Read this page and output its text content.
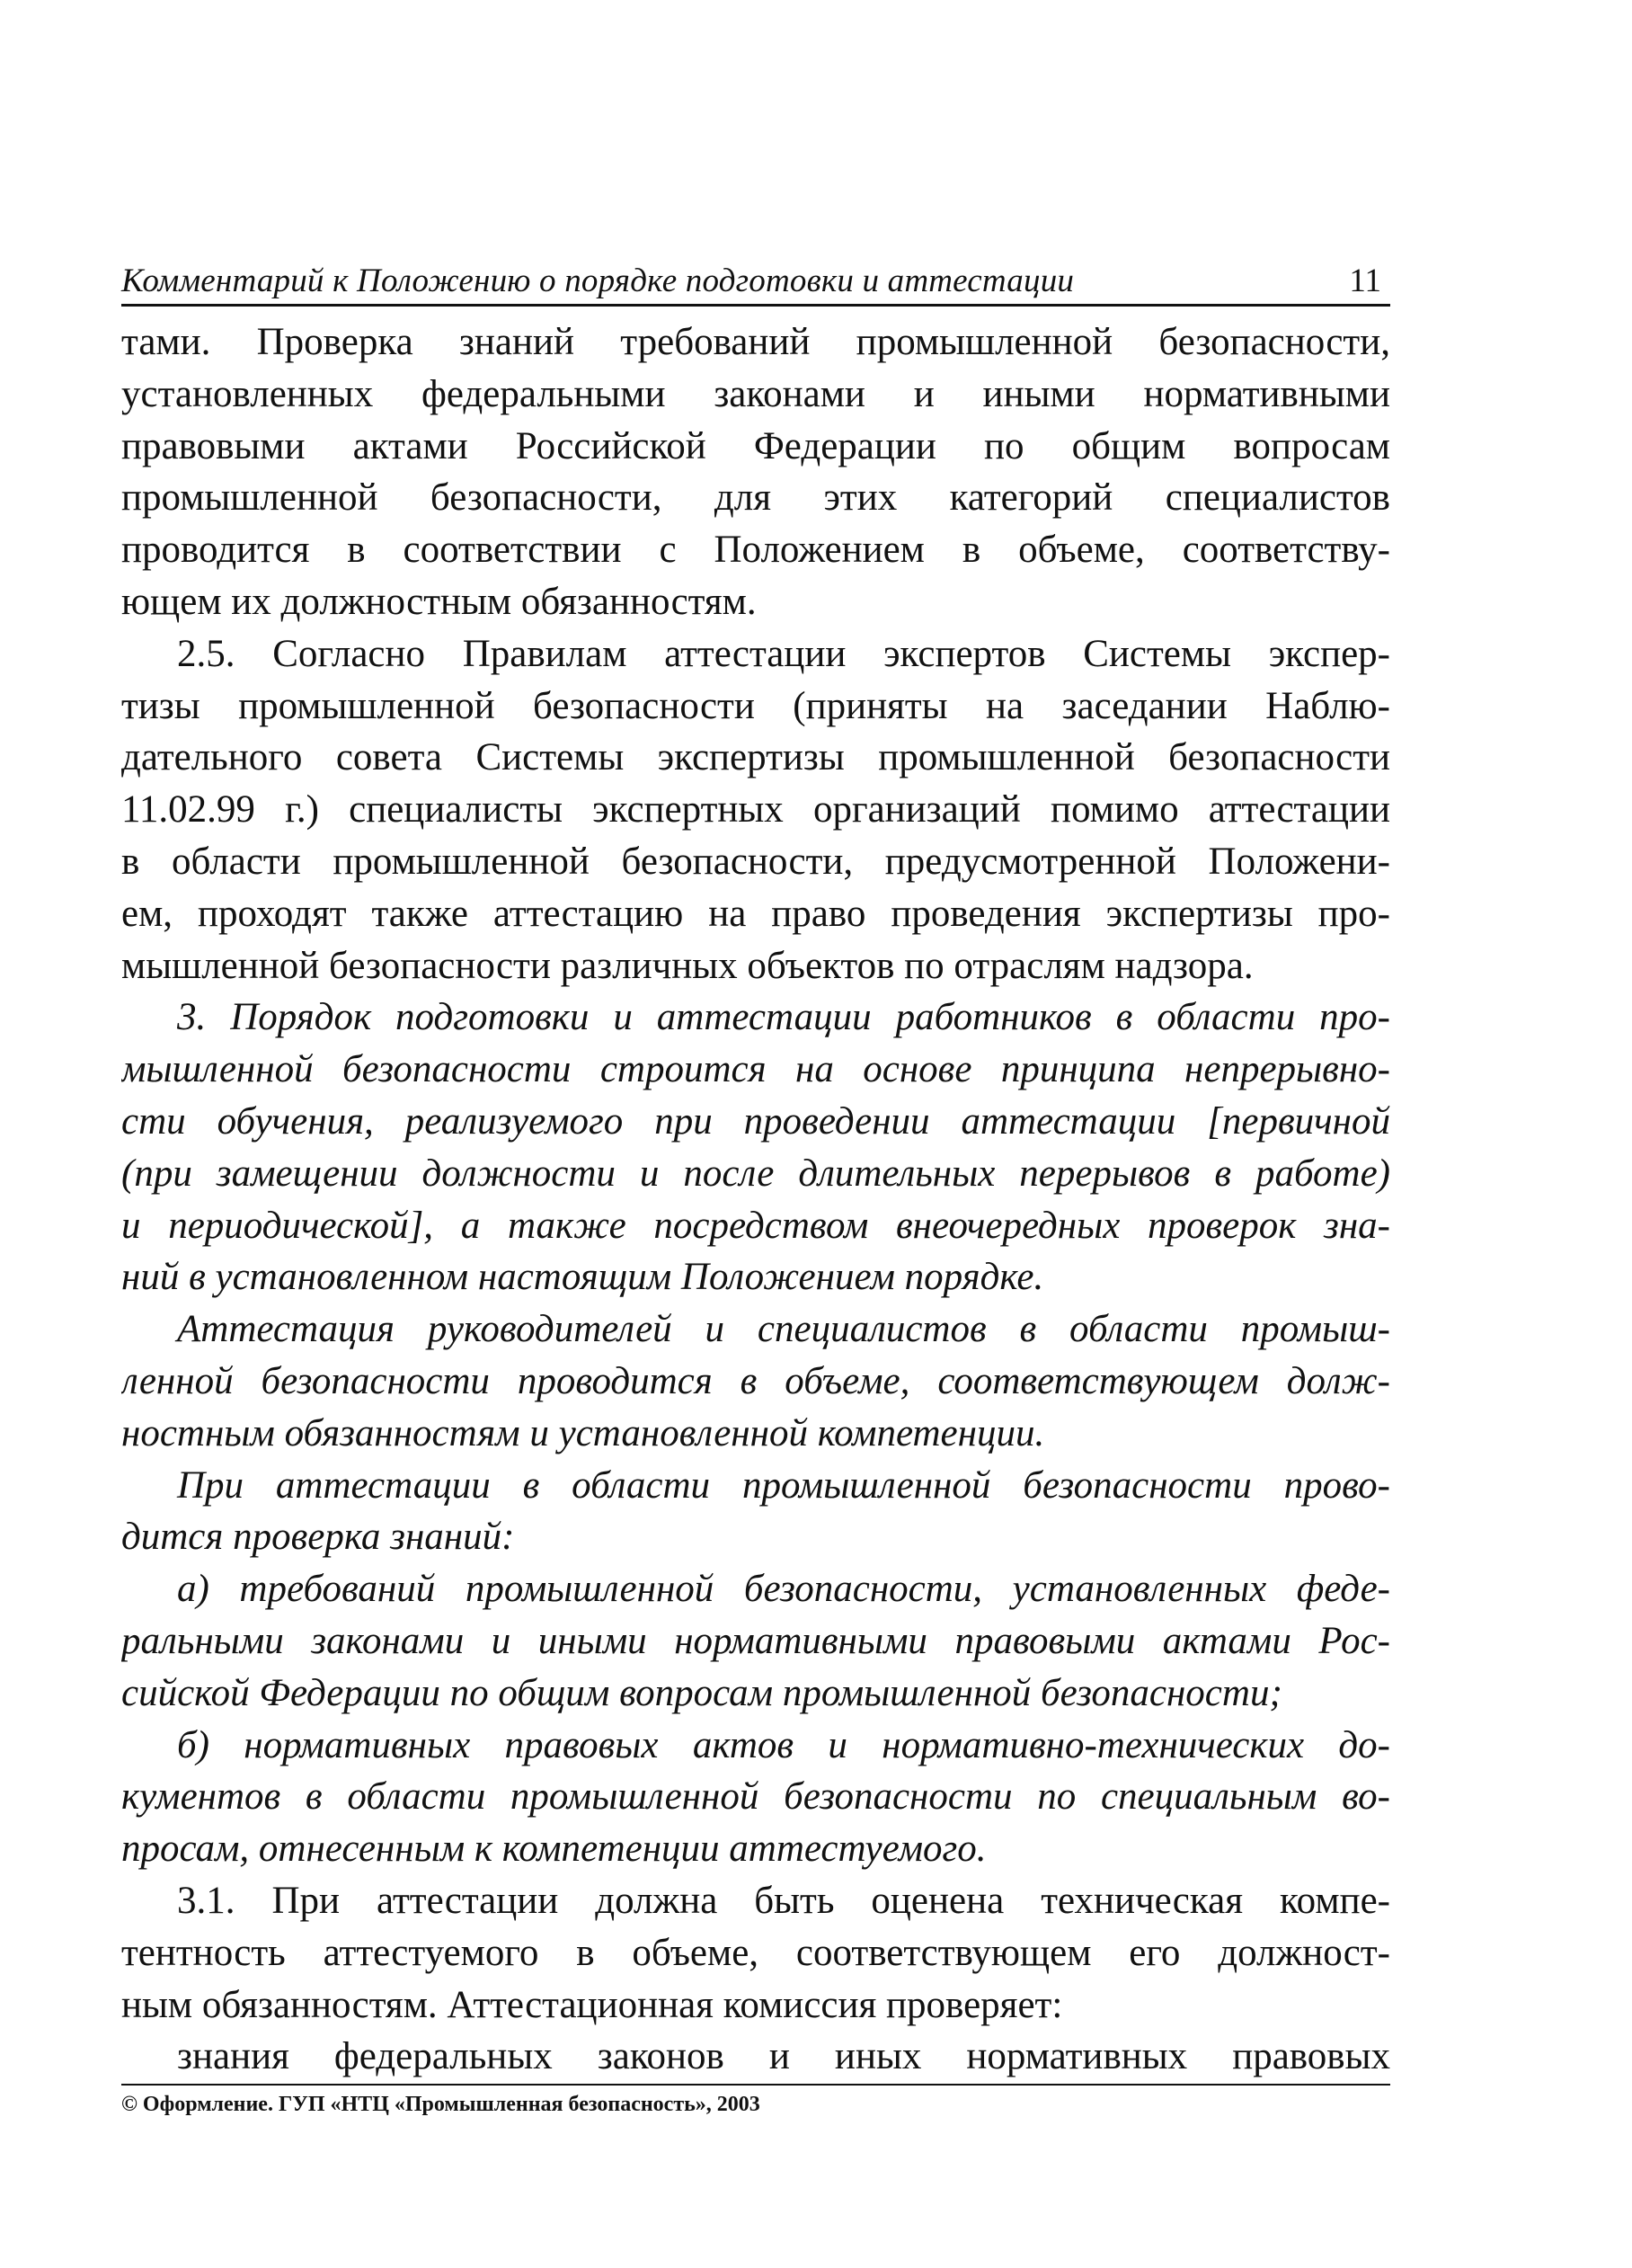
Комментарий к Положению о порядке подготовки и аттестации	11
тами. Проверка знаний требований промышленной безопасности,
установленных федеральными законами и иными нормативными
правовыми актами Российской Федерации по общим вопросам
промышленной безопасности, для этих категорий специалистов
проводится в соответствии с Положением в объеме, соответству-
ющем их должностным обязанностям.
2.5. Согласно Правилам аттестации экспертов Системы экспер-
тизы промышленной безопасности (приняты на заседании Наблю-
дательного совета Системы экспертизы промышленной безопасности
11.02.99 г.) специалисты экспертных организаций помимо аттестации
в области промышленной безопасности, предусмотренной Положени-
ем, проходят также аттестацию на право проведения экспертизы про-
мышленной безопасности различных объектов по отраслям надзора.
3. Порядок подготовки и аттестации работников в области про-
мышленной безопасности строится на основе принципа непрерывно-
сти обучения, реализуемого при проведении аттестации [первичной
(при замещении должности и после длительных перерывов в работе)
и периодической], а также посредством внеочередных проверок зна-
ний в установленном настоящим Положением порядке.
Аттестация руководителей и специалистов в области промыш-
ленной безопасности проводится в объеме, соответствующем долж-
ностным обязанностям и установленной компетенции.
При аттестации в области промышленной безопасности прово-
дится проверка знаний:
а) требований промышленной безопасности, установленных феде-
ральными законами и иными нормативными правовыми актами Рос-
сийской Федерации по общим вопросам промышленной безопасности;
б) нормативных правовых актов и нормативно-технических до-
кументов в области промышленной безопасности по специальным во-
просам, отнесенным к компетенции аттестуемого.
3.1. При аттестации должна быть оценена техническая компе-
тентность аттестуемого в объеме, соответствующем его должност-
ным обязанностям. Аттестационная комиссия проверяет:
знания федеральных законов и иных нормативных правовых
© Оформление. ГУП «НТЦ «Промышленная безопасность», 2003
